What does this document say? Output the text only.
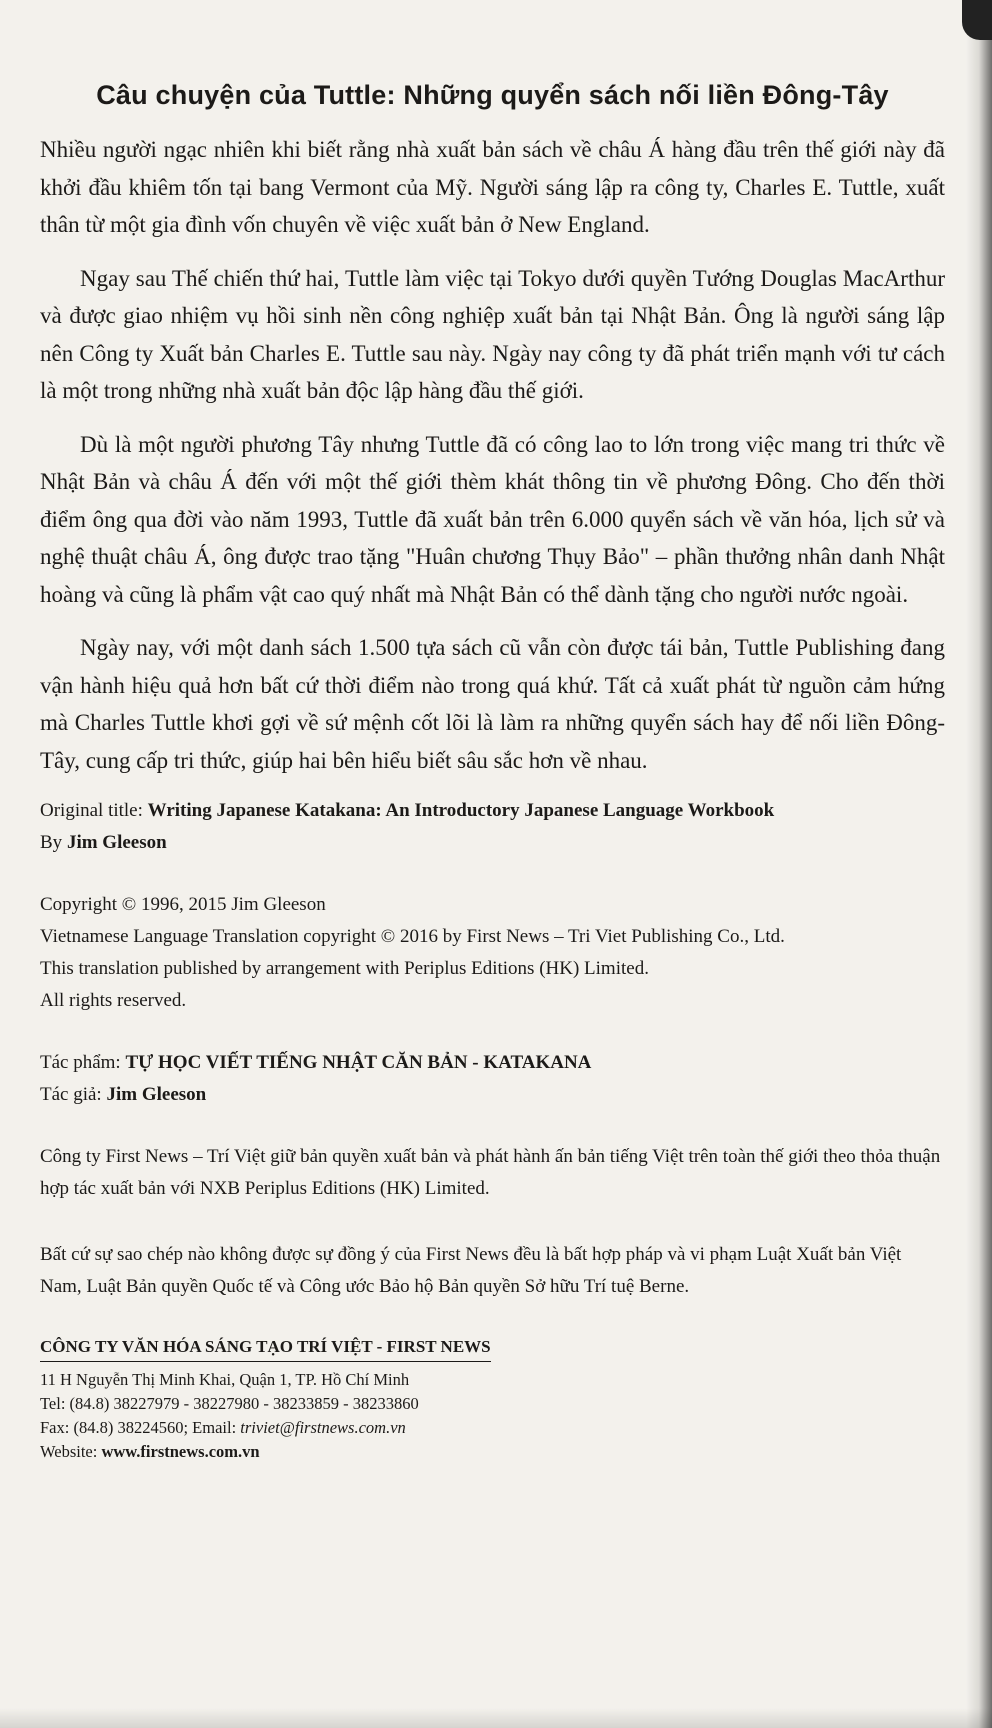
Câu chuyện của Tuttle: Những quyển sách nối liền Đông-Tây

Nhiều người ngạc nhiên khi biết rằng nhà xuất bản sách về châu Á hàng đầu trên thế giới này đã khởi đầu khiêm tốn tại bang Vermont của Mỹ. Người sáng lập ra công ty, Charles E. Tuttle, xuất thân từ một gia đình vốn chuyên về việc xuất bản ở New England.

Ngay sau Thế chiến thứ hai, Tuttle làm việc tại Tokyo dưới quyền Tướng Douglas MacArthur và được giao nhiệm vụ hồi sinh nền công nghiệp xuất bản tại Nhật Bản. Ông là người sáng lập nên Công ty Xuất bản Charles E. Tuttle sau này. Ngày nay công ty đã phát triển mạnh với tư cách là một trong những nhà xuất bản độc lập hàng đầu thế giới.

Dù là một người phương Tây nhưng Tuttle đã có công lao to lớn trong việc mang tri thức về Nhật Bản và châu Á đến với một thế giới thèm khát thông tin về phương Đông. Cho đến thời điểm ông qua đời vào năm 1993, Tuttle đã xuất bản trên 6.000 quyển sách về văn hóa, lịch sử và nghệ thuật châu Á, ông được trao tặng "Huân chương Thụy Bảo" – phần thưởng nhân danh Nhật hoàng và cũng là phẩm vật cao quý nhất mà Nhật Bản có thể dành tặng cho người nước ngoài.

Ngày nay, với một danh sách 1.500 tựa sách cũ vẫn còn được tái bản, Tuttle Publishing đang vận hành hiệu quả hơn bất cứ thời điểm nào trong quá khứ. Tất cả xuất phát từ nguồn cảm hứng mà Charles Tuttle khơi gợi về sứ mệnh cốt lõi là làm ra những quyển sách hay để nối liền Đông-Tây, cung cấp tri thức, giúp hai bên hiểu biết sâu sắc hơn về nhau.

Original title: Writing Japanese Katakana: An Introductory Japanese Language Workbook
By Jim Gleeson
Copyright © 1996, 2015 Jim Gleeson
Vietnamese Language Translation copyright © 2016 by First News – Tri Viet Publishing Co., Ltd.
This translation published by arrangement with Periplus Editions (HK) Limited.
All rights reserved.
Tác phẩm: TỰ HỌC VIẾT TIẾNG NHẬT CĂN BẢN - KATAKANA
Tác giả: Jim Gleeson
Công ty First News – Trí Việt giữ bản quyền xuất bản và phát hành ấn bản tiếng Việt trên toàn thế giới theo thỏa thuận hợp tác xuất bản với NXB Periplus Editions (HK) Limited.
Bất cứ sự sao chép nào không được sự đồng ý của First News đều là bất hợp pháp và vi phạm Luật Xuất bản Việt Nam, Luật Bản quyền Quốc tế và Công ước Bảo hộ Bản quyền Sở hữu Trí tuệ Berne.
CÔNG TY VĂN HÓA SÁNG TẠO TRÍ VIỆT - FIRST NEWS
11 H Nguyễn Thị Minh Khai, Quận 1, TP. Hồ Chí Minh
Tel: (84.8) 38227979 - 38227980 - 38233859 - 38233860
Fax: (84.8) 38224560; Email: triviet@firstnews.com.vn
Website: www.firstnews.com.vn
